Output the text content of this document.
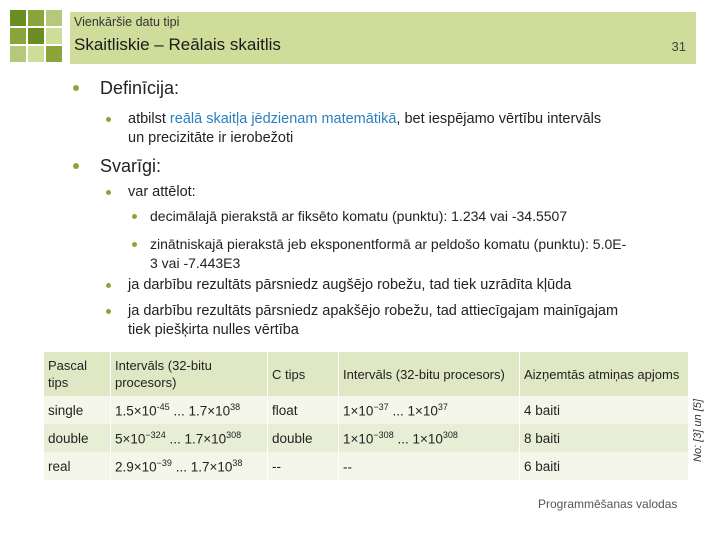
Vienkāršie datu tipi
Skaitliskie – Reālais skaitlis	31
Definīcija:
atbilst reālā skaitļa jēdzienam matemātikā, bet iespējamo vērtību intervāls
un precizitāte ir ierobežoti
Svarīgi:
var attēlot:
decimālajā pierakstā ar fiksēto komatu (punktu): 1.234 vai -34.5507
zinātniskajā pierakstā jeb eksponentformā ar peldošo komatu (punktu): 5.0E-
3 vai -7.443E3
ja darbību rezultāts pārsniedz augšējo robežu, tad tiek uzrādīta kļūda
ja darbību rezultāts pārsniedz apakšējo robežu, tad attiecīgajam mainīgajam
tiek piešķirta nulles vērtība
No: [3] un [5]
Pascal tips	Intervāls (32-bitu procesors)	C tips	Intervāls (32-bitu procesors)	Aizņemtās atmiņas apjoms
single	$1.5\times 10^{-45}$ ... $1.7\times 10^{38}$	float	$1\times 10^{-37}$ ... $1\times 10^{37}$	4 baiti
double	$5\times 10^{-324}$ ... $1.7\times 10^{308}$	double	$1\times 10^{-308}$ ... $1\times 10^{308}$	8 baiti
real	$2.9\times 10^{-39}$ ... $1.7\times 10^{38}$	--	--	6 baiti
Programmēšanas valodas
